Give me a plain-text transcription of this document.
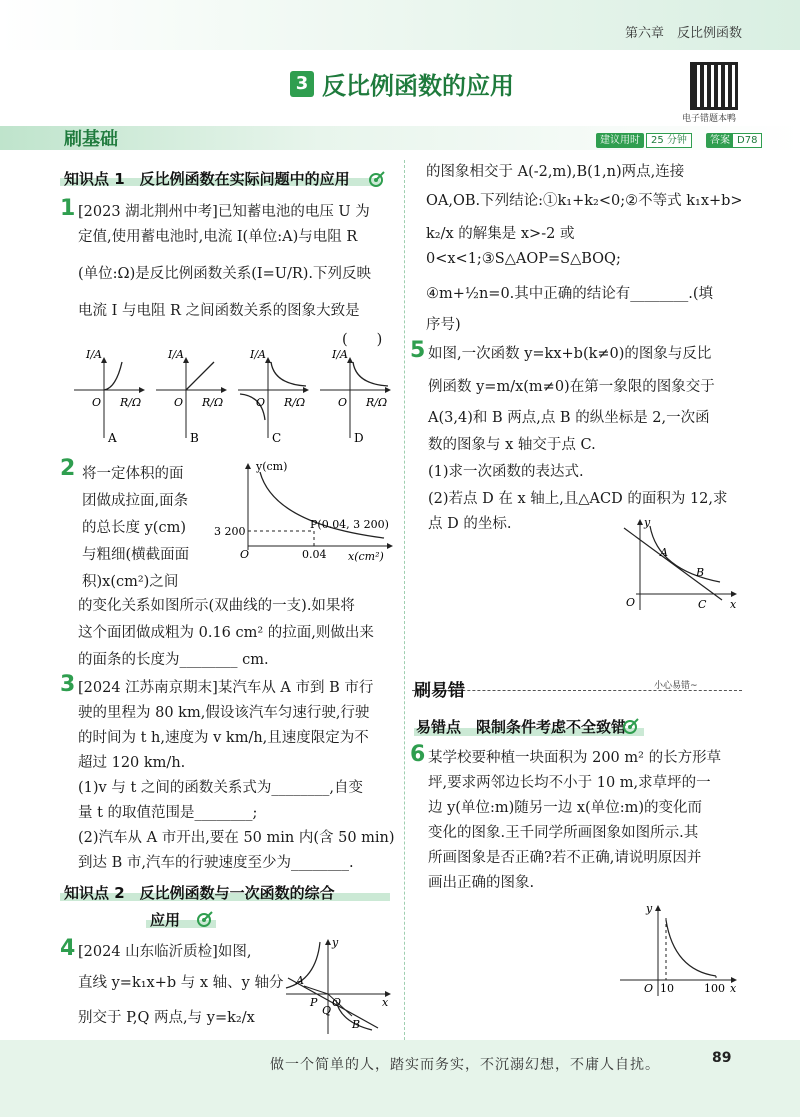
第六章　反比例函数
3 反比例函数的应用
电子错题本鸭
刷基础	建议用时	25 分钟	答案 D78
知识点 1　反比例函数在实际问题中的应用
1 [2023 湖北荆州中考]已知蓄电池的电压 U 为
定值,使用蓄电池时,电流 I(单位:A)与电阻 R
(单位:Ω)是反比例函数关系(I=U/R).下列反映
电流 I 与电阻 R 之间函数关系的图象大致是
(　　)
O
I/A
R/Ω
A
O
I/A
R/Ω
B
O
I/A
R/Ω
C
O
I/A
R/Ω
D
2 将一定体积的面
团做成拉面,面条
的总长度 y(cm)
与粗细(横截面面
积)x(cm²)之间
y(cm)
P(0.04, 3 200)
3 200
0.04 x(cm²)
O
的变化关系如图所示(双曲线的一支).如果将
这个面团做成粗为 0.16 cm² 的拉面,则做出来
的面条的长度为________ cm.
3 [2024 江苏南京期末]某汽车从 A 市到 B 市行
驶的里程为 80 km,假设该汽车匀速行驶,行驶
的时间为 t h,速度为 v km/h,且速度限定为不
超过 120 km/h.
(1)v 与 t 之间的函数关系式为________,自变
量 t 的取值范围是________;
(2)汽车从 A 市开出,要在 50 min 内(含 50 min)
到达 B 市,汽车的行驶速度至少为________.
知识点 2　反比例函数与一次函数的综合
应用
4 [2024 山东临沂质检]如图,
直线 y=k₁x+b 与 x 轴、y 轴分
别交于 P,Q 两点,与 y=k₂/x
A
B
P
Q
O	x
y
的图象相交于 A(-2,m),B(1,n)两点,连接
OA,OB.下列结论:①k₁+k₂<0;②不等式 k₁x+b>
k₂/x 的解集是 x>-2 或 0<x<1;③S△AOP=S△BOQ;
④m+½n=0.其中正确的结论有________.(填
序号)
5 如图,一次函数 y=kx+b(k≠0)的图象与反比
例函数 y=m/x(m≠0)在第一象限的图象交于
A(3,4)和 B 两点,点 B 的纵坐标是 2,一次函
数的图象与 x 轴交于点 C.
(1)求一次函数的表达式.
(2)若点 D 在 x 轴上,且△ACD 的面积为 12,求
点 D 的坐标.
A
B
C
O	x
y
刷易错	小心易错~
易错点　限制条件考虑不全致错
6 某学校要种植一块面积为 200 m² 的长方形草
坪,要求两邻边长均不小于 10 m,求草坪的一
边 y(单位:m)随另一边 x(单位:m)的变化而
变化的图象.王千同学所画图象如图所示.其
所画图象是否正确?若不正确,请说明原因并
画出正确的图象.
O 10	100 x
y
做一个简单的人，踏实而务实，不沉溺幻想，不庸人自扰。	89
